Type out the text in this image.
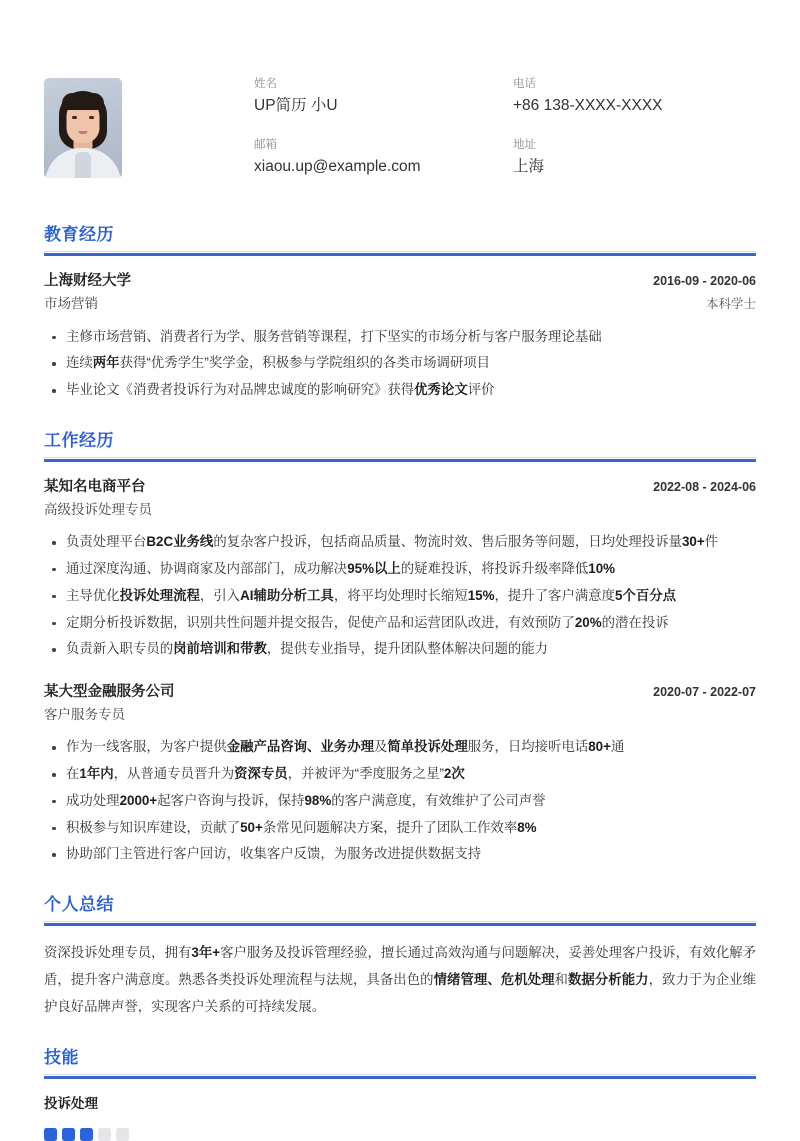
姓名
UP简历 小U
电话
+86 138-XXXX-XXXX
邮箱
xiaou.up@example.com
地址
上海
教育经历
上海财经大学	2016-09 - 2020-06
市场营销	本科学士
主修市场营销、消费者行为学、服务营销等课程，打下坚实的市场分析与客户服务理论基础
连续两年获得“优秀学生”奖学金，积极参与学院组织的各类市场调研项目
毕业论文《消费者投诉行为对品牌忠诚度的影响研究》获得优秀论文评价
工作经历
某知名电商平台	2022-08 - 2024-06
高级投诉处理专员
负责处理平台B2C业务线的复杂客户投诉，包括商品质量、物流时效、售后服务等问题，日均处理投诉量30+件
通过深度沟通、协调商家及内部部门，成功解决95%以上的疑难投诉，将投诉升级率降低10%
主导优化投诉处理流程，引入AI辅助分析工具，将平均处理时长缩短15%，提升了客户满意度5个百分点
定期分析投诉数据，识别共性问题并提交报告，促使产品和运营团队改进，有效预防了20%的潜在投诉
负责新入职专员的岗前培训和带教，提供专业指导，提升团队整体解决问题的能力
某大型金融服务公司	2020-07 - 2022-07
客户服务专员
作为一线客服，为客户提供金融产品咨询、业务办理及简单投诉处理服务，日均接听电话80+通
在1年内，从普通专员晋升为资深专员，并被评为“季度服务之星”2次
成功处理2000+起客户咨询与投诉，保持98%的客户满意度，有效维护了公司声誉
积极参与知识库建设，贡献了50+条常见问题解决方案，提升了团队工作效率8%
协助部门主管进行客户回访，收集客户反馈，为服务改进提供数据支持
个人总结
资深投诉处理专员，拥有3年+客户服务及投诉管理经验，擅长通过高效沟通与问题解决，妥善处理客户投诉，有效化解矛盾，提升客户满意度。熟悉各类投诉处理流程与法规，具备出色的情绪管理、危机处理和数据分析能力，致力于为企业维护良好品牌声誉，实现客户关系的可持续发展。
技能
投诉处理
